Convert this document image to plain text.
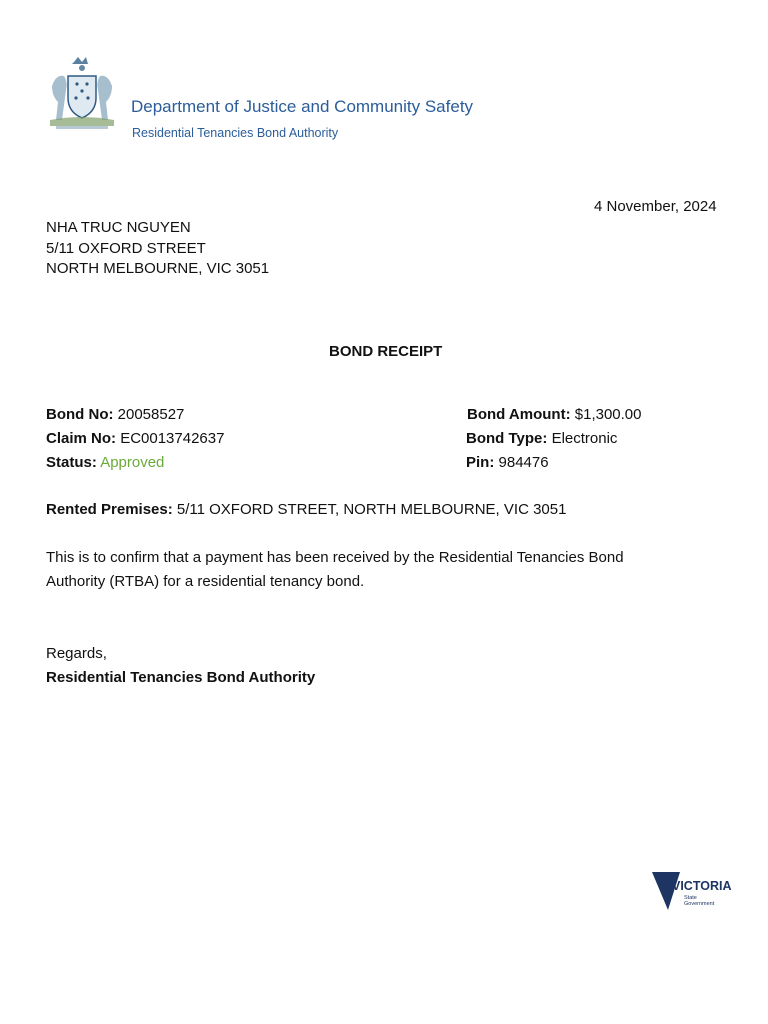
Department of Justice and Community Safety
Residential Tenancies Bond Authority
4 November, 2024
NHA TRUC NGUYEN
5/11 OXFORD STREET
NORTH MELBOURNE, VIC 3051
BOND RECEIPT
Bond No: 20058527
Claim No: EC0013742637
Status: Approved
Bond Amount: $1,300.00
Bond Type: Electronic
Pin: 984476
Rented Premises: 5/11 OXFORD STREET, NORTH MELBOURNE, VIC 3051
This is to confirm that a payment has been received by the Residential Tenancies Bond
Authority (RTBA) for a residential tenancy bond.
Regards,
Residential Tenancies Bond Authority
VICTORIA
State
Government
